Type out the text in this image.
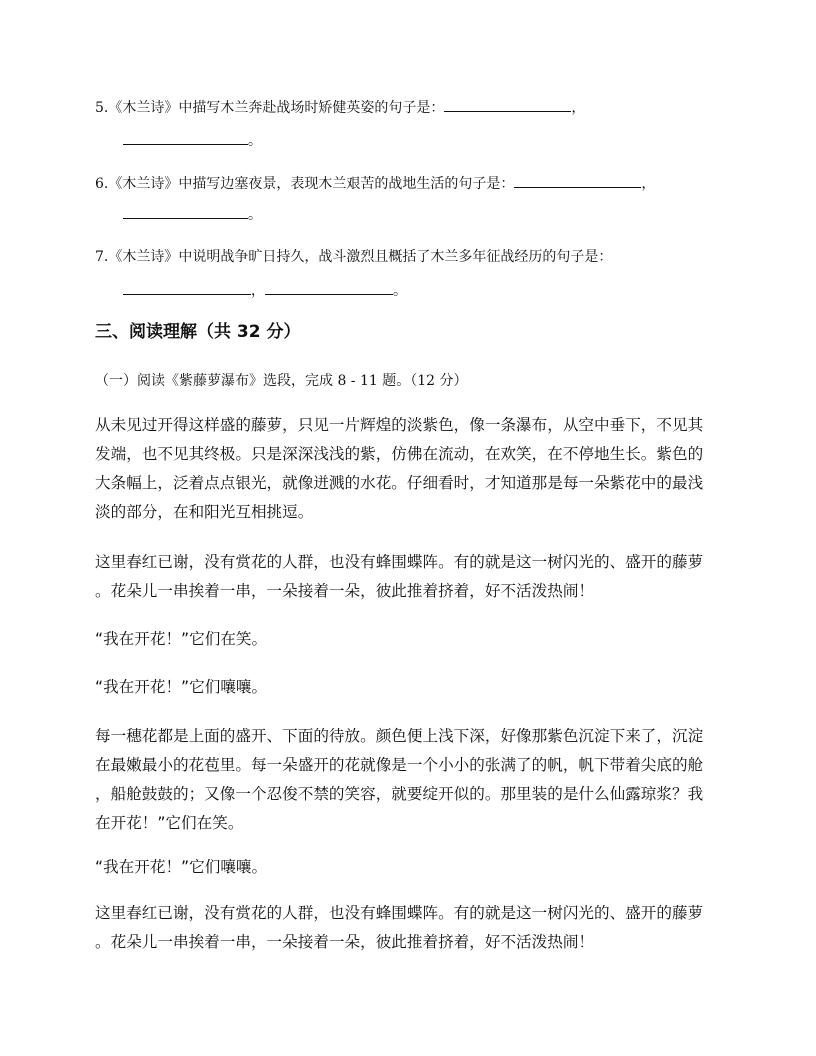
5.《木兰诗》中描写木兰奔赴战场时矫健英姿的句子是：	，
。
6.《木兰诗》中描写边塞夜景，表现木兰艰苦的战地生活的句子是：	，
。
7.《木兰诗》中说明战争旷日持久，战斗激烈且概括了木兰多年征战经历的句子是：
，	。
三、阅读理解（共 32 分）
（一）阅读《紫藤萝瀑布》选段，完成 8 - 11 题。（12 分）
从未见过开得这样盛的藤萝，只见一片辉煌的淡紫色，像一条瀑布，从空中垂下，不见其
发端，也不见其终极。只是深深浅浅的紫，仿佛在流动，在欢笑，在不停地生长。紫色的
大条幅上，泛着点点银光，就像迸溅的水花。仔细看时，才知道那是每一朵紫花中的最浅
淡的部分，在和阳光互相挑逗。
这里春红已谢，没有赏花的人群，也没有蜂围蝶阵。有的就是这一树闪光的、盛开的藤萝
。花朵儿一串挨着一串，一朵接着一朵，彼此推着挤着，好不活泼热闹！
“我在开花！”它们在笑。
“我在开花！”它们嚷嚷。
每一穗花都是上面的盛开、下面的待放。颜色便上浅下深，好像那紫色沉淀下来了，沉淀
在最嫩最小的花苞里。每一朵盛开的花就像是一个小小的张满了的帆，帆下带着尖底的舱
，船舱鼓鼓的；又像一个忍俊不禁的笑容，就要绽开似的。那里装的是什么仙露琼浆？我
在开花！”它们在笑。
“我在开花！”它们嚷嚷。
这里春红已谢，没有赏花的人群，也没有蜂围蝶阵。有的就是这一树闪光的、盛开的藤萝
。花朵儿一串挨着一串，一朵接着一朵，彼此推着挤着，好不活泼热闹！
